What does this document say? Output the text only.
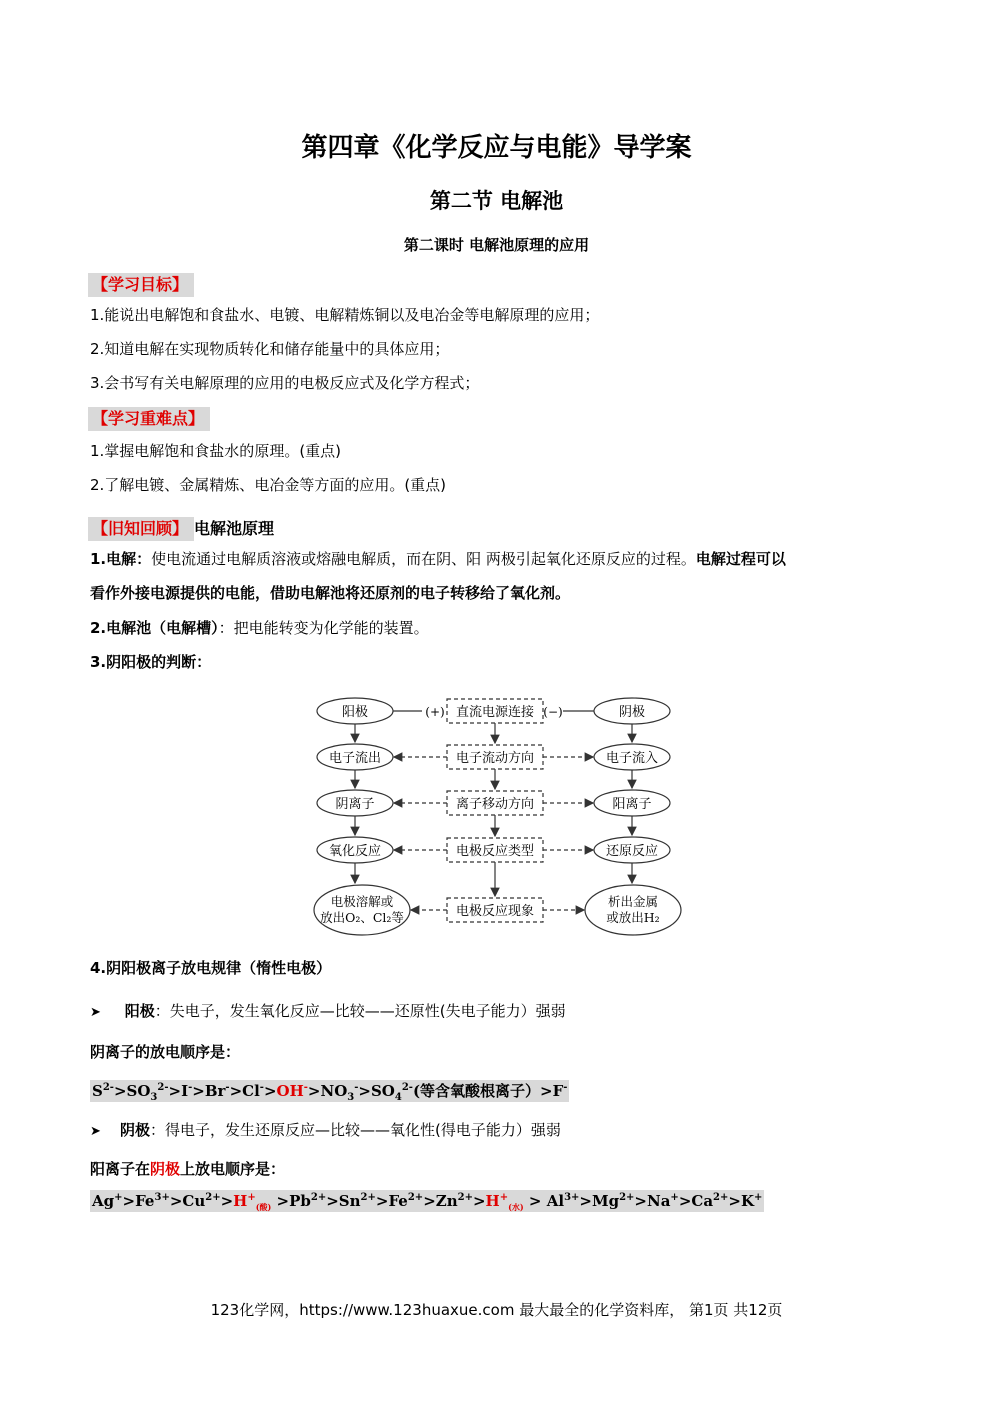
第四章《化学反应与电能》导学案
第二节 电解池
第二课时 电解池原理的应用
【学习目标】
1.能说出电解饱和食盐水、电镀、电解精炼铜以及电冶金等电解原理的应用；
2.知道电解在实现物质转化和储存能量中的具体应用；
3.会书写有关电解原理的应用的电极反应式及化学方程式；
【学习重难点】
1.掌握电解饱和食盐水的原理。(重点)
2.了解电镀、金属精炼、电冶金等方面的应用。(重点)
【旧知回顾】 电解池原理
1.电解：使电流通过电解质溶液或熔融电解质，而在阴、阳 两极引起氧化还原反应的过程。电解过程可以
看作外接电源提供的电能，借助电解池将还原剂的电子转移给了氧化剂。
2.电解池（电解槽）：把电能转变为化学能的装置。
3.阴阳极的判断：
阳极
电子流出
阴离子
氧化反应
电极溶解或
放出O₂、Cl₂等
直流电源连接
电子流动方向
离子移动方向
电极反应类型
电极反应现象
阴极
电子流入
阳离子
还原反应
析出金属
或放出H₂
(+)	(−)
4.阴阳极离子放电规律（惰性电极）
➤ 阳极：失电子，发生氧化反应—比较——还原性(失电子能力）强弱
阴离子的放电顺序是：
$S^{2-}>SO_3^{2-}>I^->Br^->Cl^->OH^->NO_3^->SO_4^{2-}$(等含氧酸根离子）>F-
➤ 阴极：得电子，发生还原反应—比较——氧化性(得电子能力）强弱
阳离子在阴极上放电顺序是：
$Ag^+>Fe^{3+}>Cu^{2+}>H^+_{(酸)} >Pb^{2+}>Sn^{2+}>Fe^{2+}>Zn^{2+}>H^+_{(水)} > Al^{3+}>Mg^{2+}>Na^+>Ca^{2+}>K^+$
123化学网，https://www.123huaxue.com 最大最全的化学资料库， 第1页 共12页
